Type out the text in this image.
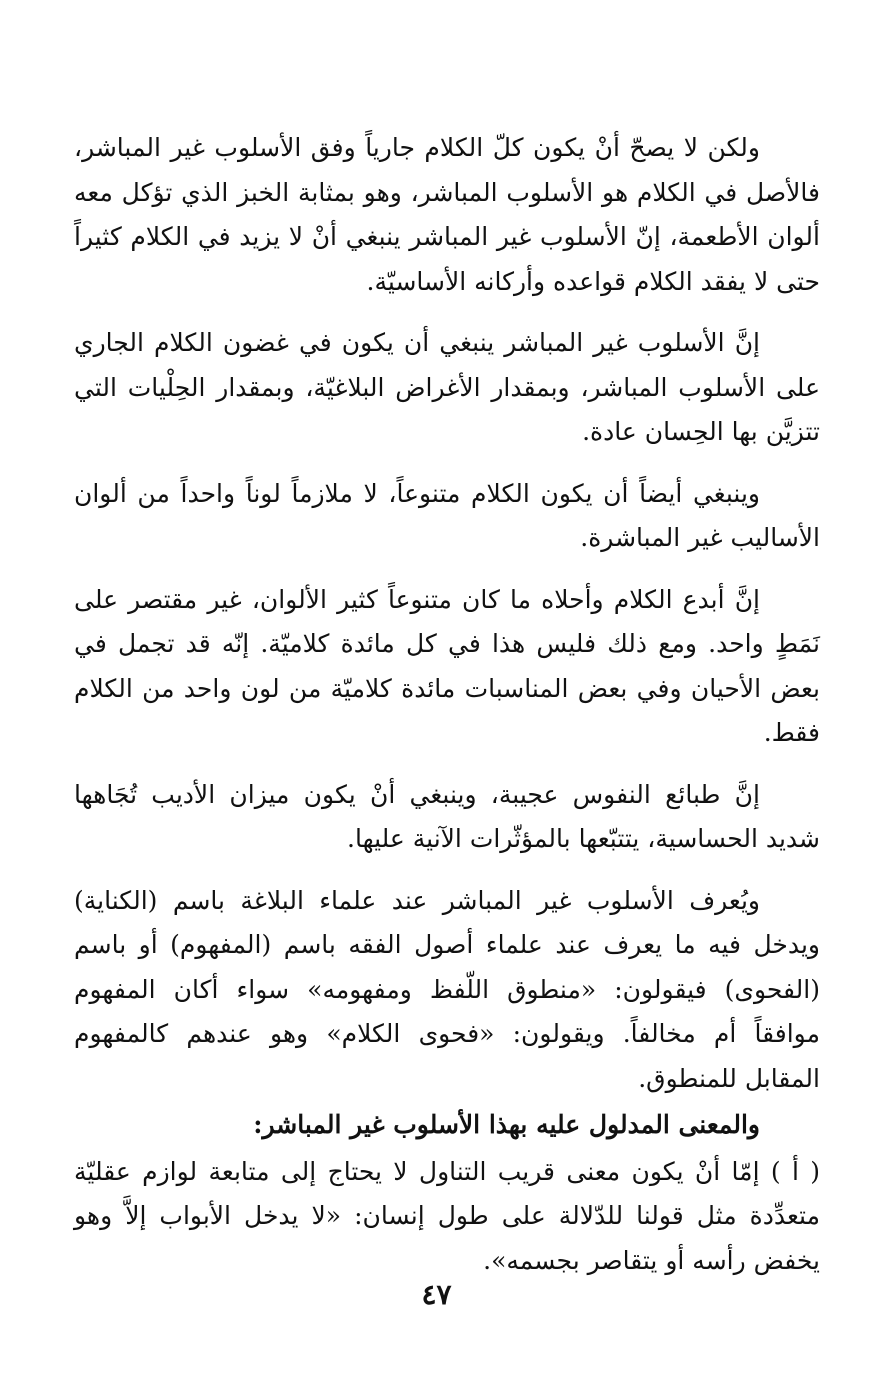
ولكن لا يصحّ أنْ يكون كلّ الكلام جارياً وفق الأسلوب غير المباشر، فالأصل في الكلام هو الأسلوب المباشر، وهو بمثابة الخبز الذي تؤكل معه ألوان الأطعمة، إنّ الأسلوب غير المباشر ينبغي أنْ لا يزيد في الكلام كثيراً حتى لا يفقد الكلام قواعده وأركانه الأساسيّة.

إنَّ الأسلوب غير المباشر ينبغي أن يكون في غضون الكلام الجاري على الأسلوب المباشر، وبمقدار الأغراض البلاغيّة، وبمقدار الحِلْيات التي تتزيَّن بها الحِسان عادة.

وينبغي أيضاً أن يكون الكلام متنوعاً، لا ملازماً لوناً واحداً من ألوان الأساليب غير المباشرة.

إنَّ أبدع الكلام وأحلاه ما كان متنوعاً كثير الألوان، غير مقتصر على نَمَطٍ واحد. ومع ذلك فليس هذا في كل مائدة كلاميّة. إنّه قد تجمل في بعض الأحيان وفي بعض المناسبات مائدة كلاميّة من لون واحد من الكلام فقط.

إنَّ طبائع النفوس عجيبة، وينبغي أنْ يكون ميزان الأديب تُجَاهها شديد الحساسية، يتتبّعها بالمؤثّرات الآنية عليها.

ويُعرف الأسلوب غير المباشر عند علماء البلاغة باسم (الكناية) ويدخل فيه ما يعرف عند علماء أصول الفقه باسم (المفهوم) أو باسم (الفحوى) فيقولون: «منطوق اللّفظ ومفهومه» سواء أكان المفهوم موافقاً أم مخالفاً. ويقولون: «فحوى الكلام» وهو عندهم كالمفهوم المقابل للمنطوق.

والمعنى المدلول عليه بهذا الأسلوب غير المباشر:

( أ ) إمّا أنْ يكون معنى قريب التناول لا يحتاج إلى متابعة لوازم عقليّة متعدِّدة مثل قولنا للدّلالة على طول إنسان: «لا يدخل الأبواب إلاَّ وهو يخفض رأسه أو يتقاصر بجسمه».

٤٧
